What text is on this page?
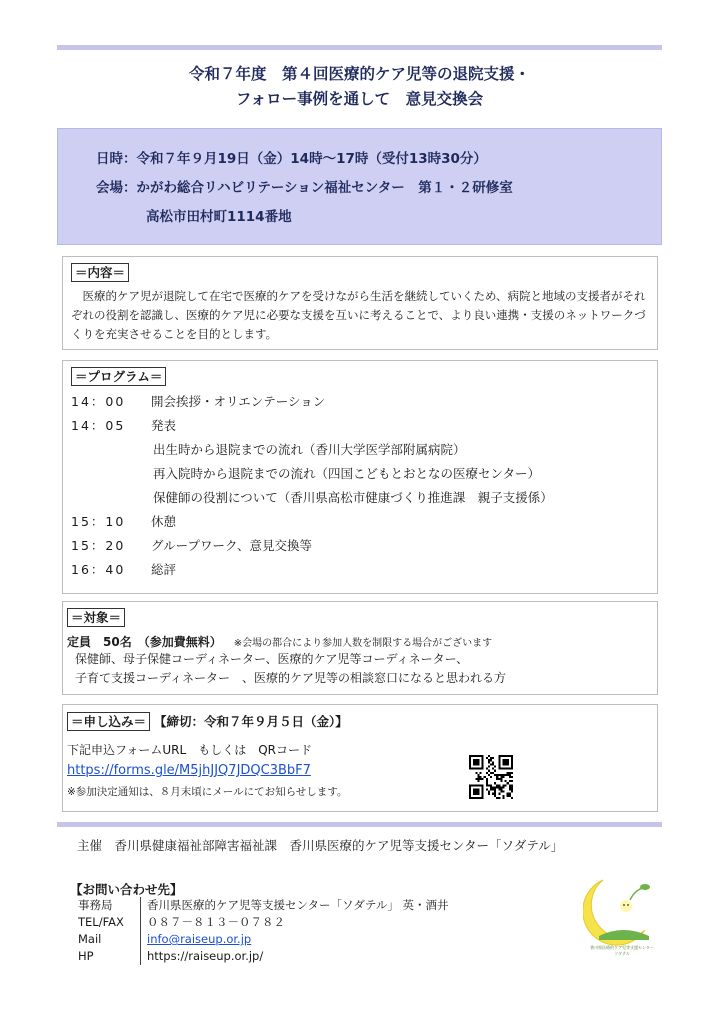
令和７年度　第４回医療的ケア児等の退院支援・
フォロー事例を通して　意見交換会
日時：令和７年９月19日（金）14時～17時（受付13時30分）
会場：かがわ総合リハビリテーション福祉センター　第１・２研修室
高松市田村町1114番地
＝内容＝
医療的ケア児が退院して在宅で医療的ケアを受けながら生活を継続していくため、病院と地域の支援者がそれぞれの役割を認識し、医療的ケア児に必要な支援を互いに考えることで、より良い連携・支援のネットワークづくりを充実させることを目的とします。
＝プログラム＝
14：00 開会挨拶・オリエンテーション
14：05 発表
出生時から退院までの流れ（香川大学医学部附属病院）
再入院時から退院までの流れ（四国こどもとおとなの医療センター）
保健師の役割について（香川県高松市健康づくり推進課　親子支援係）
15：10 休憩
15：20 グループワーク、意見交換等
16：40 総評
＝対象＝
定員　50名　（参加費無料） ※会場の都合により参加人数を制限する場合がございます
保健師、母子保健コーディネーター、医療的ケア児等コーディネーター、
子育て支援コーディネーター　、医療的ケア児等の相談窓口になると思われる方
＝申し込み＝ 【締切：令和７年９月５日（金）】
下記申込フォームURL　もしくは　QRコード
https://forms.gle/M5jhJJQ7JDQC3BbF7
※参加決定通知は、８月末頃にメールにてお知らせします。
主催　香川県健康福祉部障害福祉課　香川県医療的ケア児等支援センター「ソダテル」
【お問い合わせ先】
事務局	香川県医療的ケア児等支援センター「ソダテル」 英・酒井
TEL/FAX ０８７－８１３－０７８２
Mail	info@raiseup.or.jp
HP	https://raiseup.or.jp/
香川県医療的ケア児等支援センター
ソダテル
